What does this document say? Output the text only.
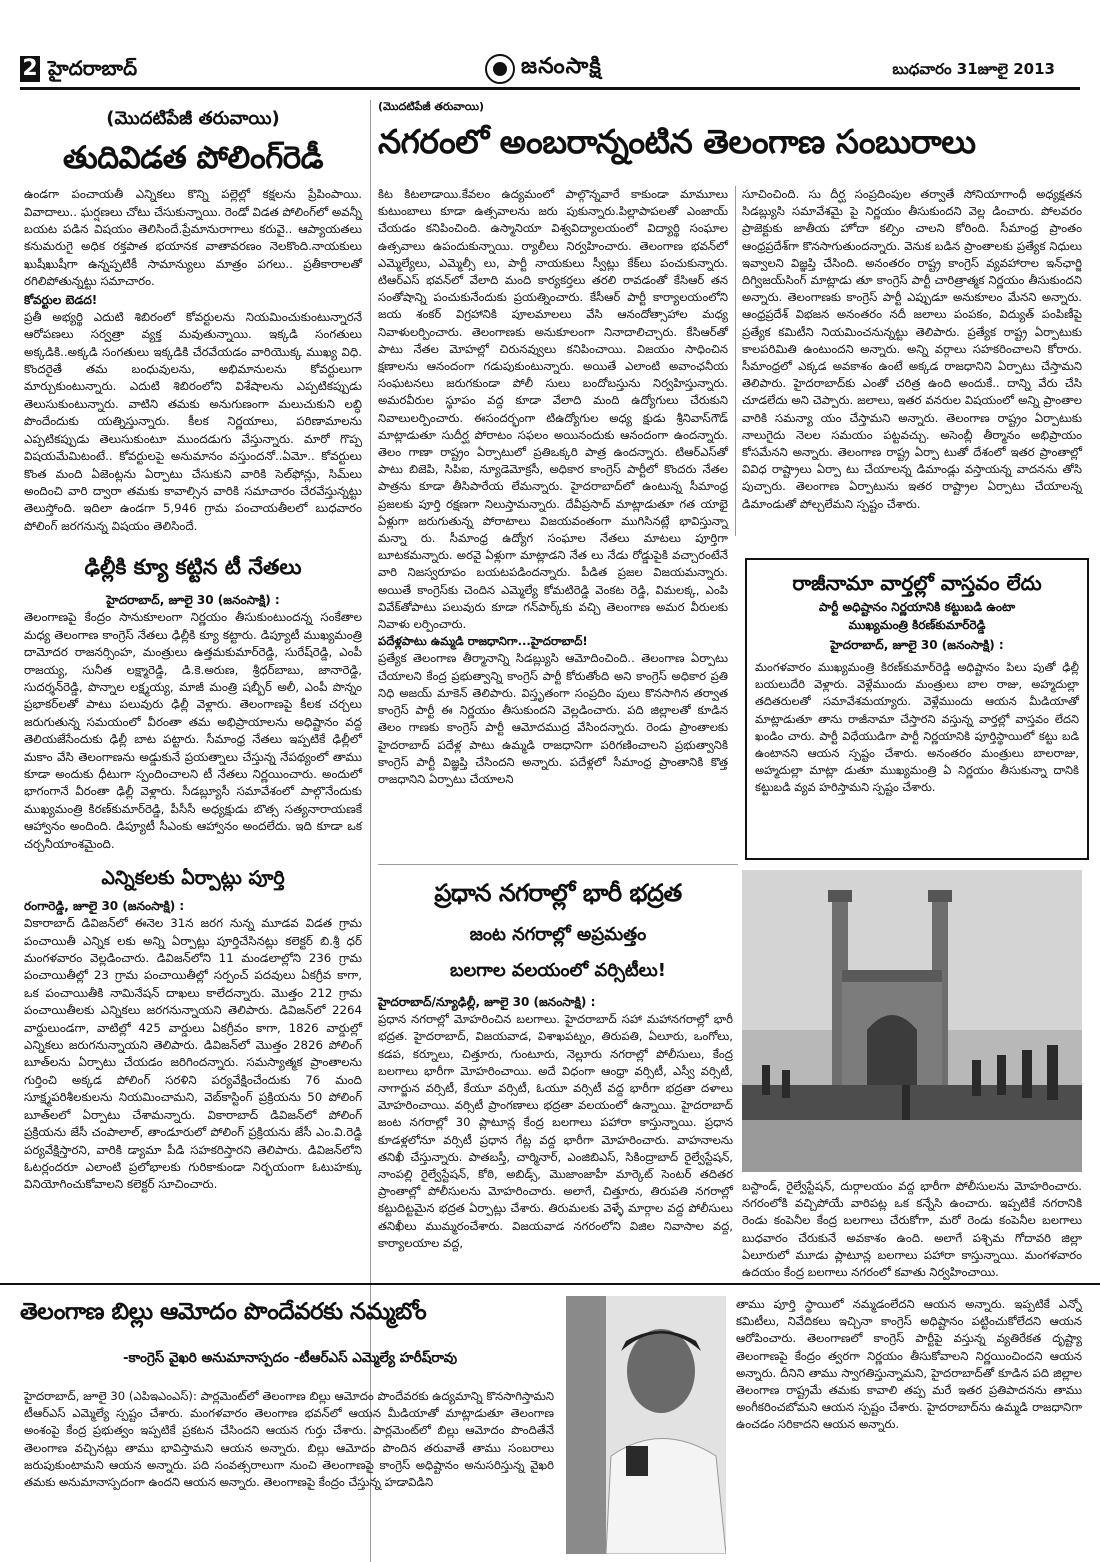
2 హైదరాబాద్	జనంసాక్షి	బుధవారం 31జూలై 2013
(మొదటిపేజీ తరువాయి)
తుదివిడత పోలింగ్‌రెడీ

ఉండగా పంచాయతీ ఎన్నికలు కొన్ని పల్లెల్లో కక్షలను ప్రేపింపాయి. వివాదాలు.. ఘర్షణలు చోటు చేసుకున్నాయి. రెండో విడత పోలింగ్‌లో అవన్నీ బయట పడిన విషయం తెలిసిందే.ప్రేమానురాగాలు కరువై.. ఆప్యాయతలు కనుమరుగై అధిక రక్తపాత భయానక వాతావరణం నెలకొంది.నాయకులు ఖుషీఖుషీగా ఉన్నప్పటికీ సామాన్యులు మాత్రం పగలు.. ప్రతీకారాలతో రగిలిపోతున్నట్టు సమాచారం.

కోవర్టుల బెడద!

ప్రతీ అభ్యర్థి ఎదుటి శిబిరంలో కోవర్టులను నియమించుకుంటున్నారనే ఆరోపణలు సర్వత్రా వ్యక్త మవుతున్నాయి. ఇక్కడి సంగతులు అక్కడికి..అక్కడి సంగతులు ఇక్కడికి చేరవేయడం వారియొక్క ముఖ్య విధి. కొందరైతే తమ బంధువులను, అభిమానులను కోవర్టులుగా మార్చుకుంటున్నారు. ఎదుటి శిబిరంలోని విశేషాలను ఎప్పటికప్పుడు తెలుసుకుంటున్నారు. వాటిని తమకు అనుగుణంగా మలుచుకుని లబ్ధి పొందేందుకు యత్నిస్తున్నారు. కీలక నిర్ణయాలు, పరిణామాలను ఎప్పటికప్పుడు తెలుసుకుంటూ ముందడుగు వేస్తున్నారు. మారో గొప్ప విషయమేమిటంటే.. కోవర్టులపై అనుమానం వస్తుందనో..ఏమో.. కోవర్టులు కొంత మంది ఏజెంట్లను ఏర్పాటు చేసుకుని వారికి సెల్‌ఫోన్లు, సిమ్‌లు అందించి వారి ద్వారా తమకు కావాల్సిన వారికి సమాచారం చేరవేస్తున్నట్టు తెలుస్తోంది. ఇదిలా ఉండగా 5,946 గ్రామ పంచాయతీలలో బుధవారం పోలింగ్ జరగనున్న విషయం తెలిసిందే.

ఢిల్లీకి క్యూ కట్టిన టీ నేతలు

హైదరాబాద్, జూలై 30 (జనంసాక్షి) :

తెలంగాణపై కేంద్రం సానుకూలంగా నిర్ణయం తీసుకుంటుందన్న సంకేతాల మధ్య తెలంగాణ కాంగ్రెస్ నేతలు ఢిల్లీకి క్యూ కట్టారు. డిప్యూటీ ముఖ్యమంత్రి దామోదర రాజనర్సింహ, మంత్రులు ఉత్తమకుమార్‌రెడ్డి, సురేష్‌రెడ్డి, ఎంపీ రాజయ్య, సునీత లక్ష్మారెడ్డి, డి.కె.అరుణ, శ్రీధర్‌బాబు, జానారెడ్డి, సుదర్శన్‌రెడ్డి, పొన్నాల లక్ష్మయ్య, మాజీ మంత్రి షబ్బీర్ అలీ, ఎంపీ పొన్నం ప్రభాకర్‌లతో పాటు పలువురు ఢిల్లీ వెళ్లారు. తెలంగాణపై కీలక చర్చలు జరుగుతున్న సమయంలో వీరంతా తమ అభిప్రాయాలను అధిష్టానం వద్ద తెలియజేసేందుకు ఢిల్లీ బాట పట్టారు. సీమాంధ్ర నేతలు ఇప్పటికే ఢిల్లీలో మకాం వేసి తెలంగాణను అడ్డుకునే ప్రయత్నాలు చేస్తున్న నేపథ్యంలో తాము కూడా అందుకు ధీటుగా స్పందించాలని టీ నేతలు నిర్ణయించారు. అందులో భాగంగానే వీరంతా ఢిల్లీ వెళ్లారు. సీడబ్ల్యూసీ సమావేశంలో పాల్గొనేందుకు ముఖ్యమంత్రి కిరణ్‌కుమార్‌రెడ్డి, పీసీసీ అధ్యక్షుడు బొత్స సత్యనారాయణకే ఆహ్వానం అందింది. డిప్యూటీ సీఎంకు ఆహ్వానం అందలేదు. ఇది కూడా ఒక చర్చనీయాంశమైంది.

ఎన్నికలకు ఏర్పాట్లు పూర్తి

రంగారెడ్డి, జూలై 30 (జనంసాక్షి) :

వికారాబాద్ డివిజన్‌లో ఈనెల 31న జరగ నున్న మూడవ విడత గ్రామ పంచాయితీ ఎన్నిక లకు అన్ని ఏర్పాట్లు పూర్తిచేసినట్లు కలెక్టర్ బి.శ్రీ ధర్ మంగళవారం వెల్లడించారు. డివిజన్‌లోని 11 మండలాల్లోని 236 గ్రామ పంచాయితీల్లో 23 గ్రామ పంచాయితీల్లో సర్పంచ్ పదవులు ఏకగ్రీవ కాగా, ఒక పంచాయితీకి నామినేషన్ దాఖలు కాలేదన్నారు. మొత్తం 212 గ్రామ పంచాయితీలకు ఎన్నికలు జరగనున్నాయని తెలిపారు. డివిజన్‌లో 2264 వార్డులుండగా, వాటిల్లో 425 వార్డులు ఏకగ్రీవం కాగా, 1826 వార్డుల్లో ఎన్నికలు జరుగనున్నాయని తెలిపారు. డివిజన్‌లో మొత్తం 2826 పోలింగ్ బూత్‌లను ఏర్పాటు చేయడం జరిగిందన్నారు. సమస్యాత్మక ప్రాంతాలను గుర్తించి అక్కడ పోలింగ్ సరళిని పర్యవేక్షించేందుకు 76 మంది సూక్ష్మపరిశీలకులను నియమించామని, వెబ్‌కాస్టింగ్ ప్రక్రియను 50 పోలింగ్ బూత్‌లలో ఏర్పాటు చేశామన్నారు. వికారాబాద్ డివిజన్‌లో పోలింగ్ ప్రక్రియను జేసీ చంపాలాల్, తాండూరులో పోలింగ్ ప్రక్రియను జేసీ ఎం.వి.రెడ్డి పర్యవేక్షిస్తారని, వారికి డ్యామా పీడి సహకరిస్తారని తెలిపారు. డివిజన్‌లోని ఓటర్లందరూ ఎలాంటి ప్రలోభాలకు గురికాకుండా నిర్భయంగా ఓటుహక్కు వినియోగించుకోవాలని కలెక్టర్ సూచించారు.

(మొదటిపేజీ తరువాయి)
నగరంలో అంబరాన్నంటిన తెలంగాణ సంబురాలు

కిట కిటలాడాయి.కేవలం ఉద్యమంలో పాల్గొన్నవారే కాకుండా మామూలు కుటుంబాలు కూడా ఉత్సవాలను జరు పుకున్నారు.పిల్లాపాపలతో ఎంజాయ్ చేయడం కనిపించింది. ఉస్మానియా విశ్వవిద్యాలయంలో విద్యార్థి సంఘాల ఉత్సవాలు ఉపందుకున్నాయి. ర్యాలీలు నిర్వహించారు. తెలంగాణ భవన్‌లో ఎమ్మెల్యేలు, ఎమ్మెల్సీ లు, పార్టీ నాయకులు స్వీట్లు కేక్‌లు పంచుకున్నారు. టిఆర్‌ఎస్ భవన్‌లో వేలాది మంది కార్యకర్తలు తరలి రావడంతో కేసిఆర్ తన సంతోషాన్ని పంచుకునేందుకు ప్రయత్నించారు. కేసీఆర్ పార్టీ కార్యాలయంలోని జయ శంకర్ విగ్రహానికి పూలమాలలు వేసి ఆనందోత్సాహాల మధ్య నివాళులర్పించారు. తెలంగాణకు అనుకూలంగా నినాదాలిచ్చారు. కేసిఆర్‌తో పాటు నేతల మోహల్లో చిరునవ్వులు కనిపించాయి. విజయం సాధించిన క్షణాలను ఆనందంగా గడుపుకుంటున్నారు. అయితే ఎలాంటి అవాంఛనీయ సంఘటనలు జరుగకుండా పోలీ సులు బందోబస్తును నిర్వహిస్తున్నారు. అమరవీరుల స్థూపం వద్ద కూడా వేలాది మంది ఉద్యోగులు చేరుకుని నివాలులర్పించారు. ఈసందర్భంగా టిఉద్యోగుల అధ్య క్షుడు శ్రీనివాస్‌గౌడ్ మాట్లాడుతూ సుదీర్ఘ పోరాటం సఫలం అయినందుకు ఆనందంగా ఉందన్నారు. తెలం గాణా రాష్ట్రం ఏర్పాటులో ప్రతిఒక్కరి పాత్ర ఉందన్నారు. టిఆర్‌ఎస్‌తో పాటు బిజెపి, సిపిఐ, న్యూడెమోక్రసీ, అధికార కాంగ్రెస్ పార్టీలో కొందరు నేతల పాత్రను కూడా తీసిపారేయ లేమన్నారు. హైదరాబాద్‌లో ఉంటున్న సీమాంధ్ర ప్రజలకు పూర్తి రక్షణగా నిలుస్తామన్నారు. దేవీప్రసాద్ మాట్లాడుతూ గత యాభై ఏళ్లుగా జరుగుతున్న పోరాటాలు విజయవంతంగా ముగిసినట్లే భావిస్తున్నా మన్నా రు. సీమాంధ్ర ఉద్యోగ సంఘాల నేతలు మాటలు పూర్తిగా బూటకమన్నారు. అరవై ఏళ్లుగా మాట్లాడని నేత లు నేడు రోడ్డుపైకి వచ్చారంటేనే వారి నిజస్వరూపం బయటపడిందన్నారు. పీడిత ప్రజల విజయమన్నారు. అయితే కాంగ్రెస్‌కు చెందిన ఎమ్మెల్యే కోమటిరెడ్డి వెంకట రెడ్డి, విమలక్క, ఎంపి వివేక్‌తోపాటు పలువురు కూడా గన్‌పార్క్‌కు వచ్చి తెలంగాణ అమర వీరులకు నివాళు లర్పించారు.

పదేళ్లపాటు ఉమ్మడి రాజధానిగా...హైదరాబాద్!

ప్రత్యేక తెలంగాణ తీర్మానాన్ని సిడబ్ల్యుసి ఆమోదించింది.. తెలంగాణ ఏర్పాటు చేయాలని కేంద్ర ప్రభుత్వాన్ని కాంగ్రెస్ పార్టీ కోరుతోంది అని కాంగ్రెస్ అధికార ప్రతి నిధి అజయ్ మాకెన్ తెలిపారు. విస్తృతంగా సంప్రదిం పులు కొనసాగిన తర్వాత కాంగ్రెస్ పార్టీ ఈ నిర్ణయం తీసుకుందని వెల్లడించారు. పది జిల్లాలతో కూడిన తెలం గాణకు కాంగ్రెస్ పార్టీ ఆమోదముద్ర వేసిందన్నారు. రెండు ప్రాంతాలకు హైదరాబాద్ పదేళ్ల పాటు ఉమ్మడి రాజధానిగా పరిగణించాలని ప్రభుత్వానికి కాంగ్రెస్ పార్టీ విజ్ఞప్తి చేసిందని అన్నారు. పదేళ్లలో సీమాంధ్ర ప్రాంతానికి కొత్త రాజధానిని ఏర్పాటు చేయాలని

సూచించింది. సు దీర్ఘ సంప్రదింపుల తర్వాతే సోనియాగాంధీ అధ్యక్షతన సిడబ్ల్యుసి సమావేశమై పై నిర్ణయం తీసుకుందని వెల్ల డించారు. పోలవరం ప్రాజెక్టుకు జాతీయ హోదా కల్పిం చాలని కోరింది. సీమాంధ్ర ప్రాంతం ఆంధ్రప్రదేశ్‌గా కొనసాగుతుందన్నారు. వెనుక బడిన ప్రాంతాలకు ప్రత్యేక నిధులు ఇవ్వాలని విజ్ఞప్తి చేసింది. అనంతరం రాష్ట్ర కాంగ్రెస్ వ్యవహారాల ఇన్‌ఛార్జి దిగ్విజయ్‌సింగ్ మాట్లాడు తూ కాంగ్రెస్ పార్టీ చారిత్రాత్మక నిర్ణయం తీసుకుందని అన్నారు. తెలంగాణకు కాంగ్రెస్ పార్టీ ఎప్పుడూ అనుకూలం మేనని అన్నారు. ఆంధ్రప్రదేశ్ విభజన అనంతరం నదీ జలాలు పంపకం, విద్యుత్ పంపిణీపై ప్రత్యేక కమిటీని నియమించనున్నట్టు తెలిపారు. ప్రత్యేక రాష్ట్ర ఏర్పాటుకు కాలపరిమితి ఉంటుందని అన్నారు. అన్ని వర్గాలు సహకరించాలని కోరారు. సీమాంధ్రలో ఎక్కడ అవకాశం ఉంటే అక్కడ రాజధానిని ఏర్పాటు చేస్తామని తెలిపారు. హైదరాబాద్‌కు ఎంతో చరిత్ర ఉంది అందుకే.. దాన్ని వేరు చేసి చూడలేదు అని చెప్పారు. జలాలు, ఇతర వనరుల విషయంలో అన్ని ప్రాంతాల వారికి సమన్యా యం చేస్తామని అన్నారు. తెలంగాణ రాష్ట్రం ఏర్పాటుకు నాలుగైదు నెలల సమయం పట్టవచ్చు. అసెంబ్లీ తీర్మానం అభిప్రాయం కోసమేనని అన్నారు. తెలంగాణ రాష్ట్ర ఏర్పా టుతో దేశంలో ఇతర ప్రాంతాల్లో వివిధ రాష్ట్రాలు ఏర్పా టు చేయాలన్న డిమాండ్లు వస్తాయన్న వాదనను తోసి పుచ్చారు. తెలంగాణ ఏర్పాటును ఇతర రాష్ట్రాల ఏర్పాటు చేయాలన్న డిమాండుతో పోల్చలేమని స్పష్టం చేశారు.

రాజీనామా వార్తల్లో వాస్తవం లేదు
పార్టీ అధిష్టానం నిర్ణయానికి కట్టుబడి ఉంటా
ముఖ్యమంత్రి కిరణ్‌కుమార్‌రెడ్డి
హైదరాబాద్, జూలై 30 (జనంసాక్షి) :

మంగళవారం ముఖ్యమంత్రి కిరణ్‌కుమార్‌రెడ్డి అధిష్టానం పిలు పుతో ఢిల్లీ బయలుదేరి వెళ్లారు. వెళ్లేముందు మంత్రులు బాల రాజు, అహ్మదుల్లా తదితరులతో సమావేశమయ్యారు. వెళ్లేముందు ఆయన మీడియాతో మాట్లాడుతూ తాను రాజీనామా చేస్తారని వస్తున్న వార్తల్లో వాస్తవం లేదని ఖండిం చారు. పార్టీ విధేయుడిగా పార్టీ నిర్ణయానికి పూర్తిస్థాయిలో కట్టు బడి ఉంటానని ఆయన స్పష్టం చేశారు. అనంతరం మంత్రులు బాలరాజు, అహ్మదుల్లా మాట్లా డుతూ ముఖ్యమంత్రి ఏ నిర్ణయం తీసుకున్నా దానికి కట్టుబడి వ్యవ హరిస్తామని స్పష్టం చేశారు.

ప్రధాన నగరాల్లో భారీ భద్రత
జంట నగరాల్లో అప్రమత్తం
బలగాల వలయంలో వర్సిటీలు!

హైదరాబాద్/న్యూఢిల్లీ, జూలై 30 (జనంసాక్షి) :

ప్రధాన నగరాల్లో మోహరించిన బలగాలు. హైదరాబాద్ సహా మహానగరాల్లో భారీ భద్రత. హైదరాబాద్, విజయవాడ, విశాఖపట్నం, తిరుపతి, ఏలూరు, ఒంగోలు, కడప, కర్నూలు, చిత్తూరు, గుంటూరు, నెల్లూరు నగరాల్లో పోలీసులు, కేంద్ర బలగాలు భారీగా మోహరించాయి. అదే విధంగా ఆంధ్రా వర్సిటీ, ఎస్వీ వర్సిటీ, నాగార్జున వర్సిటీ, కేయూ వర్సిటీ, ఓయూ వర్సిటీ వద్ద భారీగా భద్రతా దళాలు మోహరించాయి. వర్సిటీ ప్రాంగణాలు భద్రతా వలయంలో ఉన్నాయి. హైదరాబాద్ జంట నగరాల్లో 30 ప్లాటూన్ల కేంద్ర బలగాలు పహారా కాస్తున్నాయి. ప్రధాన కూడళ్లలోనూ వర్సిటీ ప్రధాన గేట్ల వద్ద భారీగా మోహరించారు. వాహనాలను తనిఖీ చేస్తున్నారు. పాతబస్తీ, చార్మినార్, ఎంజిబిఎస్, సికింద్రాబాద్ రైల్వేస్టేషన్, నాంపల్లి రైల్వేస్టేషన్, కోఠి, అబిడ్స్, మొజాంజాహీ మార్కెట్ సెంటర్ తదితర ప్రాంతాల్లో పోలీసులను మోహరించారు. అలాగే, చిత్తూరు, తిరుపతి నగరాల్లో కట్టుదిట్టమైన భద్రత ఏర్పాట్లు చేశారు. తిరుమలకు వెళ్ళే మార్గాల వద్ద పోలీసులు తనిఖీలు ముమ్మరంచేశారు. విజయవాడ నగరంలోని విజిల నివాసాల వద్ద, కార్యాలయాల వద్ద,

బస్టాండ్, రైల్వేస్టేషన్, దుర్గాలయం వద్ద భారీగా పోలీసులను మోహరించారు. నగరంలోకి వచ్చిపోయే వారిపట్ల ఒక కన్నేసి ఉంచారు. ఇప్పటికే నగరానికి రెండు కంపెనీల కేంద్ర బలగాలు చేరుకోగా, మరో రెండు కంపెనీల బలగాలు బుధవారం చేరుకునే అవకాశం ఉంది. అలాగే పశ్చిమ గోదావరి జిల్లా ఏలూరులో మూడు ప్లాటూన్ల బలగాలు పహారా కాస్తున్నాయి. మంగళవారం ఉదయం కేంద్ర బలగాలు నగరంలో కవాతు నిర్వహించాయి.

తెలంగాణ బిల్లు ఆమోదం పొందేవరకు నమ్మబోం
-కాంగ్రెస్ వైఖరి అనుమానాస్పదం -టీఆర్ఎస్ ఎమ్మెల్యే హరీష్‌రావు

హైదరాబాద్, జూలై 30 (ఎపిఇఎంఎస్): పార్లమెంట్‌లో తెలంగాణ బిల్లు ఆమోదం పొందేవరకు ఉద్యమాన్ని కొనసాగిస్తామని టీఆర్ఎస్ ఎమ్మెల్యే స్పష్టం చేశారు. మంగళవారం తెలంగాణ భవన్‌లో ఆయన మీడియాతో మాట్లాడుతూ తెలంగాణ అంశంపై కేంద్ర ప్రభుత్వం ఇప్పటికే ప్రకటన చేసిందని ఆయన గుర్తు చేశారు. పార్లమెంట్‌లో బిల్లు ఆమోదం పొందితేనే తెలంగాణ వచ్చినట్లు తాము భావిస్తామని ఆయన అన్నారు. బిల్లు ఆమోదం పొందిన తరువాతే తాము సంబరాలు జరుపుకుంటామని ఆయన అన్నారు. పది సంవత్సరాలుగా నుంచి తెలంగాణపై కాంగ్రెస్ అధిష్టానం అనుసరిస్తున్న వైఖరి తమకు అనుమానాస్పదంగా ఉందని ఆయన అన్నారు. తెలంగాణపై కేంద్రం చేస్తున్న హడావిడిని

తాము పూర్తి స్థాయిలో నమ్మడంలేదని ఆయన అన్నారు. ఇప్పటికే ఎన్నో కమిటీలు, నివేదికలు ఇచ్చినా కాంగ్రెస్ అధిష్టానం పట్టించుకోలేదని ఆయన ఆరోపించారు. తెలంగాణలో కాంగ్రెస్ పార్టీపై వస్తున్న వ్యతిరేకత దృష్ట్యా తెలంగాణపై కేంద్రం త్వరగా నిర్ణయం తీసుకోవాలని నిర్ణయించిందని ఆయన అన్నారు. దీనిని తాము స్వాగతిస్తున్నామని, హైదరాబాద్‌తో కూడిన పది జిల్లాల తెలంగాణ రాష్ట్రమే తమకు కావాలి తప్ప మరే ఇతర ప్రతిపాదనను తాము అంగీకరించబోమని ఆయన స్పష్టం చేశారు. హైదరాబాద్‌ను ఉమ్మడి రాజధానిగా ఉంచడం సరికాదని ఆయన అన్నారు.
